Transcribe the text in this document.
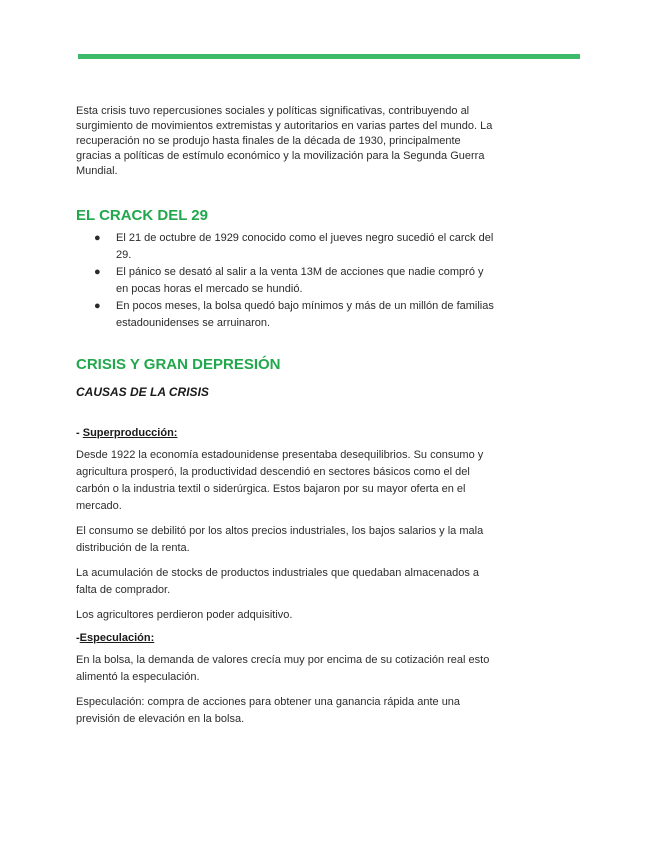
Esta crisis tuvo repercusiones sociales y políticas significativas, contribuyendo al surgimiento de movimientos extremistas y autoritarios en varias partes del mundo. La recuperación no se produjo hasta finales de la década de 1930, principalmente gracias a políticas de estímulo económico y la movilización para la Segunda Guerra Mundial.

EL CRACK DEL 29
● El 21 de octubre de 1929 conocido como el jueves negro sucedió el carck del 29.
● El pánico se desató al salir a la venta 13M de acciones que nadie compró y en pocas horas el mercado se hundió.
● En pocos meses, la bolsa quedó bajo mínimos y más de un millón de familias estadounidenses se arruinaron.
CRISIS Y GRAN DEPRESIÓN
CAUSAS DE LA CRISIS
- Superproducción:

Desde 1922 la economía estadounidense presentaba desequilibrios. Su consumo y agricultura prosperó, la productividad descendió en sectores básicos como el del carbón o la industria textil o siderúrgica. Estos bajaron por su mayor oferta en el mercado.

El consumo se debilitó por los altos precios industriales, los bajos salarios y la mala distribución de la renta.

La acumulación de stocks de productos industriales que quedaban almacenados a falta de comprador.

Los agricultores perdieron poder adquisitivo.

-Especulación:

En la bolsa, la demanda de valores crecía muy por encima de su cotización real esto alimentó la especulación.

Especulación: compra de acciones para obtener una ganancia rápida ante una previsión de elevación en la bolsa.
